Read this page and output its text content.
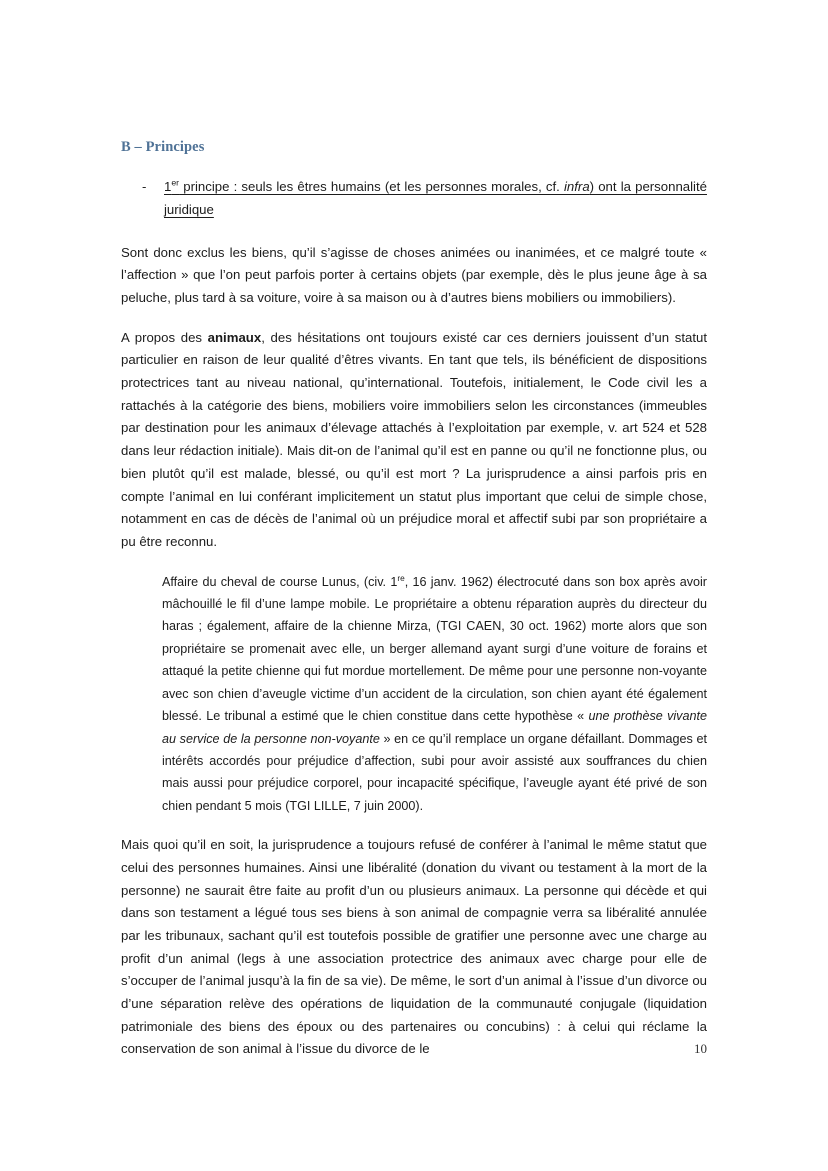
B – Principes
-	1er principe : seuls les êtres humains (et les personnes morales, cf. infra) ont la personnalité juridique

Sont donc exclus les biens, qu’il s’agisse de choses animées ou inanimées, et ce malgré toute « l’affection » que l’on peut parfois porter à certains objets (par exemple, dès le plus jeune âge à sa peluche, plus tard à sa voiture, voire à sa maison ou à d’autres biens mobiliers ou immobiliers).

A propos des animaux, des hésitations ont toujours existé car ces derniers jouissent d’un statut particulier en raison de leur qualité d’êtres vivants. En tant que tels, ils bénéficient de dispositions protectrices tant au niveau national, qu’international. Toutefois, initialement, le Code civil les a rattachés à la catégorie des biens, mobiliers voire immobiliers selon les circonstances (immeubles par destination pour les animaux d’élevage attachés à l’exploitation par exemple, v. art 524 et 528 dans leur rédaction initiale). Mais dit-on de l’animal qu’il est en panne ou qu’il ne fonctionne plus, ou bien plutôt qu’il est malade, blessé, ou qu’il est mort ? La jurisprudence a ainsi parfois pris en compte l’animal en lui conférant implicitement un statut plus important que celui de simple chose, notamment en cas de décès de l’animal où un préjudice moral et affectif subi par son propriétaire a pu être reconnu.

Affaire du cheval de course Lunus, (civ. 1re, 16 janv. 1962) électrocuté dans son box après avoir mâchouillé le fil d’une lampe mobile. Le propriétaire a obtenu réparation auprès du directeur du haras ; également, affaire de la chienne Mirza, (TGI CAEN, 30 oct. 1962) morte alors que son propriétaire se promenait avec elle, un berger allemand ayant surgi d’une voiture de forains et attaqué la petite chienne qui fut mordue mortellement. De même pour une personne non-voyante avec son chien d’aveugle victime d’un accident de la circulation, son chien ayant été également blessé. Le tribunal a estimé que le chien constitue dans cette hypothèse « une prothèse vivante au service de la personne non-voyante » en ce qu’il remplace un organe défaillant. Dommages et intérêts accordés pour préjudice d’affection, subi pour avoir assisté aux souffrances du chien mais aussi pour préjudice corporel, pour incapacité spécifique, l’aveugle ayant été privé de son chien pendant 5 mois (TGI LILLE, 7 juin 2000).

Mais quoi qu’il en soit, la jurisprudence a toujours refusé de conférer à l’animal le même statut que celui des personnes humaines. Ainsi une libéralité (donation du vivant ou testament à la mort de la personne) ne saurait être faite au profit d’un ou plusieurs animaux. La personne qui décède et qui dans son testament a légué tous ses biens à son animal de compagnie verra sa libéralité annulée par les tribunaux, sachant qu’il est toutefois possible de gratifier une personne avec une charge au profit d’un animal (legs à une association protectrice des animaux avec charge pour elle de s’occuper de l’animal jusqu’à la fin de sa vie). De même, le sort d’un animal à l’issue d’un divorce ou d’une séparation relève des opérations de liquidation de la communauté conjugale (liquidation patrimoniale des biens des époux ou des partenaires ou concubins) : à celui qui réclame la conservation de son animal à l’issue du divorce de le	10
